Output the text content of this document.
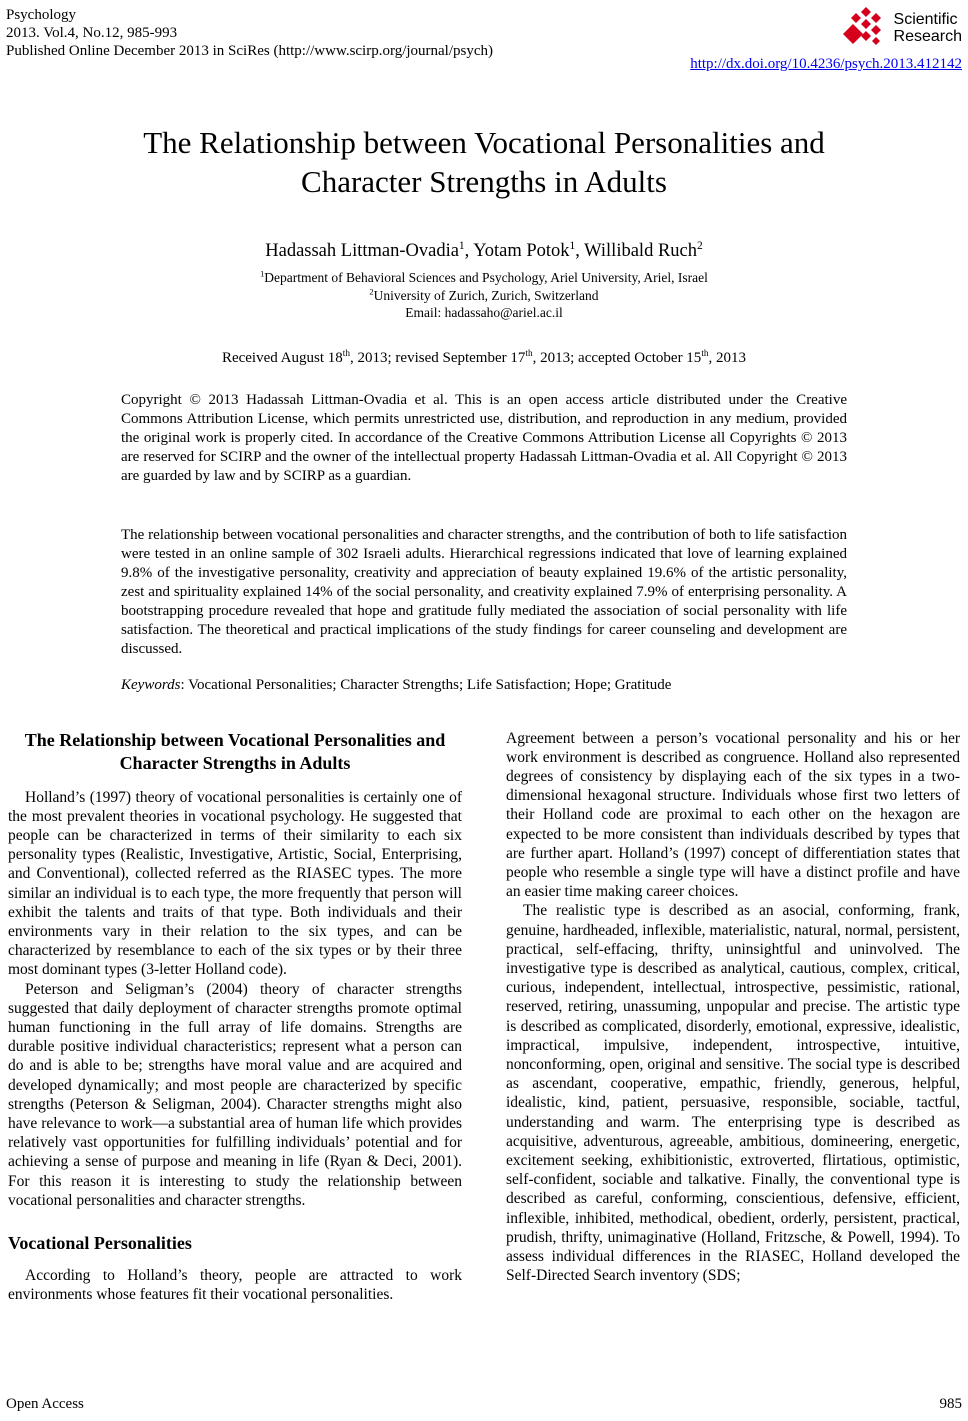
Psychology
2013. Vol.4, No.12, 985-993
Published Online December 2013 in SciRes (http://www.scirp.org/journal/psych)
Scientific
Research
http://dx.doi.org/10.4236/psych.2013.412142
The Relationship between Vocational Personalities and Character Strengths in Adults
Hadassah Littman-Ovadia$^1$, Yotam Potok$^1$, Willibald Ruch$^2$
$^1$Department of Behavioral Sciences and Psychology, Ariel University, Ariel, Israel
$^2$University of Zurich, Zurich, Switzerland
Email: hadassaho@ariel.ac.il
Received August 18th, 2013; revised September 17th, 2013; accepted October 15th, 2013
Copyright © 2013 Hadassah Littman-Ovadia et al. This is an open access article distributed under the Creative Commons Attribution License, which permits unrestricted use, distribution, and reproduction in any medium, provided the original work is properly cited. In accordance of the Creative Commons Attribution License all Copyrights © 2013 are reserved for SCIRP and the owner of the intellectual property Hadassah Littman-Ovadia et al. All Copyright © 2013 are guarded by law and by SCIRP as a guardian.
The relationship between vocational personalities and character strengths, and the contribution of both to life satisfaction were tested in an online sample of 302 Israeli adults. Hierarchical regressions indicated that love of learning explained 9.8% of the investigative personality, creativity and appreciation of beauty explained 19.6% of the artistic personality, zest and spirituality explained 14% of the social personality, and creativity explained 7.9% of enterprising personality. A bootstrapping procedure revealed that hope and gratitude fully mediated the association of social personality with life satisfaction. The theoretical and practical implications of the study findings for career counseling and development are discussed.
Keywords: Vocational Personalities; Character Strengths; Life Satisfaction; Hope; Gratitude
The Relationship between Vocational Personalities and Character Strengths in Adults

Holland’s (1997) theory of vocational personalities is certainly one of the most prevalent theories in vocational psychology. He suggested that people can be characterized in terms of their similarity to each six personality types (Realistic, Investigative, Artistic, Social, Enterprising, and Conventional), collected referred as the RIASEC types. The more similar an individual is to each type, the more frequently that person will exhibit the talents and traits of that type. Both individuals and their environments vary in their relation to the six types, and can be characterized by resemblance to each of the six types or by their three most dominant types (3-letter Holland code).

Peterson and Seligman’s (2004) theory of character strengths suggested that daily deployment of character strengths promote optimal human functioning in the full array of life domains. Strengths are durable positive individual characteristics; represent what a person can do and is able to be; strengths have moral value and are acquired and developed dynamically; and most people are characterized by specific strengths (Peterson & Seligman, 2004). Character strengths might also have relevance to work—a substantial area of human life which provides relatively vast opportunities for fulfilling individuals’ potential and for achieving a sense of purpose and meaning in life (Ryan & Deci, 2001). For this reason it is interesting to study the relationship between vocational personalities and character strengths.

Vocational Personalities

According to Holland’s theory, people are attracted to work environments whose features fit their vocational personalities.

Agreement between a person’s vocational personality and his or her work environment is described as congruence. Holland also represented degrees of consistency by displaying each of the six types in a two-dimensional hexagonal structure. Individuals whose first two letters of their Holland code are proximal to each other on the hexagon are expected to be more consistent than individuals described by types that are further apart. Holland’s (1997) concept of differentiation states that people who resemble a single type will have a distinct profile and have an easier time making career choices.

The realistic type is described as an asocial, conforming, frank, genuine, hardheaded, inflexible, materialistic, natural, normal, persistent, practical, self-effacing, thrifty, uninsightful and uninvolved. The investigative type is described as analytical, cautious, complex, critical, curious, independent, intellectual, introspective, pessimistic, rational, reserved, retiring, unassuming, unpopular and precise. The artistic type is described as complicated, disorderly, emotional, expressive, idealistic, impractical, impulsive, independent, introspective, intuitive, nonconforming, open, original and sensitive. The social type is described as ascendant, cooperative, empathic, friendly, generous, helpful, idealistic, kind, patient, persuasive, responsible, sociable, tactful, understanding and warm. The enterprising type is described as acquisitive, adventurous, agreeable, ambitious, domineering, energetic, excitement seeking, exhibitionistic, extroverted, flirtatious, optimistic, self-confident, sociable and talkative. Finally, the conventional type is described as careful, conforming, conscientious, defensive, efficient, inflexible, inhibited, methodical, obedient, orderly, persistent, practical, prudish, thrifty, unimaginative (Holland, Fritzsche, & Powell, 1994). To assess individual differences in the RIASEC, Holland developed the Self-Directed Search inventory (SDS;

Open Access	985
